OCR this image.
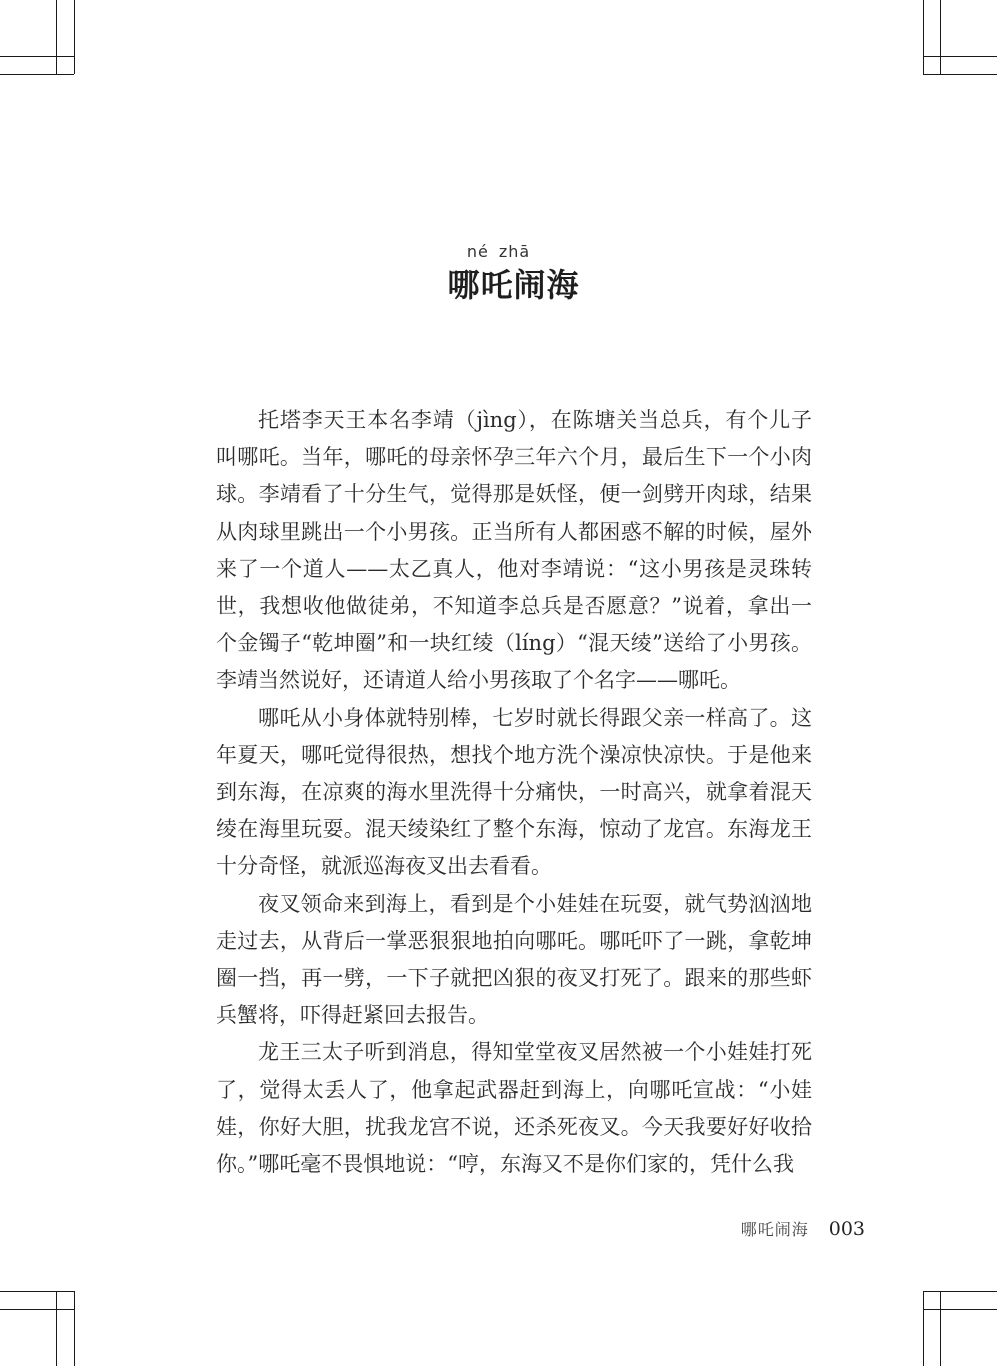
né zhā
哪吒闹海

托塔李天王本名李靖（jìng），在陈塘关当总兵，有个儿子叫哪吒。当年，哪吒的母亲怀孕三年六个月，最后生下一个小肉球。李靖看了十分生气，觉得那是妖怪，便一剑劈开肉球，结果从肉球里跳出一个小男孩。正当所有人都困惑不解的时候，屋外来了一个道人——太乙真人，他对李靖说：“这小男孩是灵珠转世，我想收他做徒弟，不知道李总兵是否愿意？”说着，拿出一个金镯子“乾坤圈”和一块红绫（líng）“混天绫”送给了小男孩。李靖当然说好，还请道人给小男孩取了个名字——哪吒。

哪吒从小身体就特别棒，七岁时就长得跟父亲一样高了。这年夏天，哪吒觉得很热，想找个地方洗个澡凉快凉快。于是他来到东海，在凉爽的海水里洗得十分痛快，一时高兴，就拿着混天绫在海里玩耍。混天绫染红了整个东海，惊动了龙宫。东海龙王十分奇怪，就派巡海夜叉出去看看。

夜叉领命来到海上，看到是个小娃娃在玩耍，就气势汹汹地走过去，从背后一掌恶狠狠地拍向哪吒。哪吒吓了一跳，拿乾坤圈一挡，再一劈，一下子就把凶狠的夜叉打死了。跟来的那些虾兵蟹将，吓得赶紧回去报告。

龙王三太子听到消息，得知堂堂夜叉居然被一个小娃娃打死了，觉得太丢人了，他拿起武器赶到海上，向哪吒宣战：“小娃娃，你好大胆，扰我龙宫不说，还杀死夜叉。今天我要好好收拾你。”哪吒毫不畏惧地说：“哼，东海又不是你们家的，凭什么我

哪吒闹海 003
